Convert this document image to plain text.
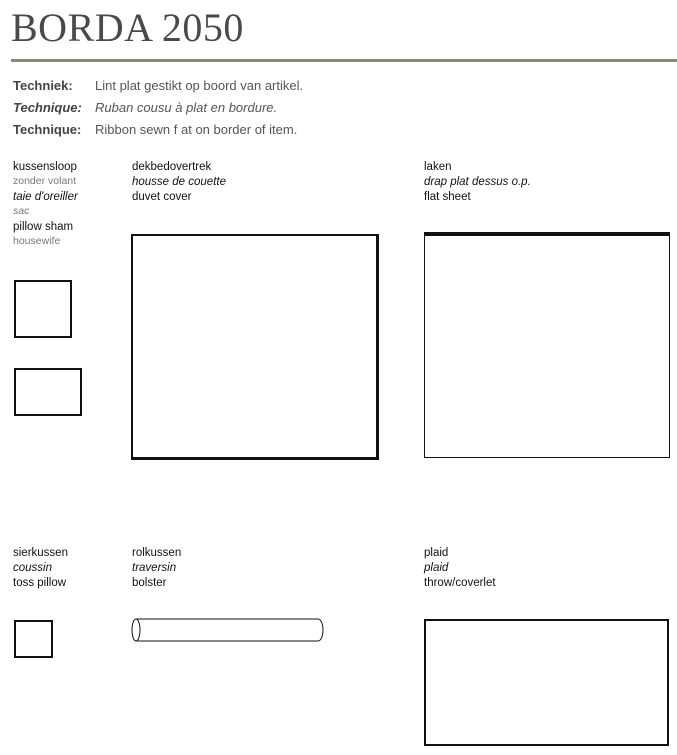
BORDA 2050
Techniek: Lint plat gestikt op boord van artikel.
Technique: Ruban cousu à plat en bordure.
Technique: Ribbon sewn f at on border of item.
kussensloop
zonder volant
taie d'oreiller
sac
pillow sham
housewife
dekbedovertrek
housse de couette
duvet cover
laken
drap plat dessus o.p.
flat sheet
sierkussen
coussin
toss pillow
rolkussen
traversin
bolster
plaid
plaid
throw/coverlet
